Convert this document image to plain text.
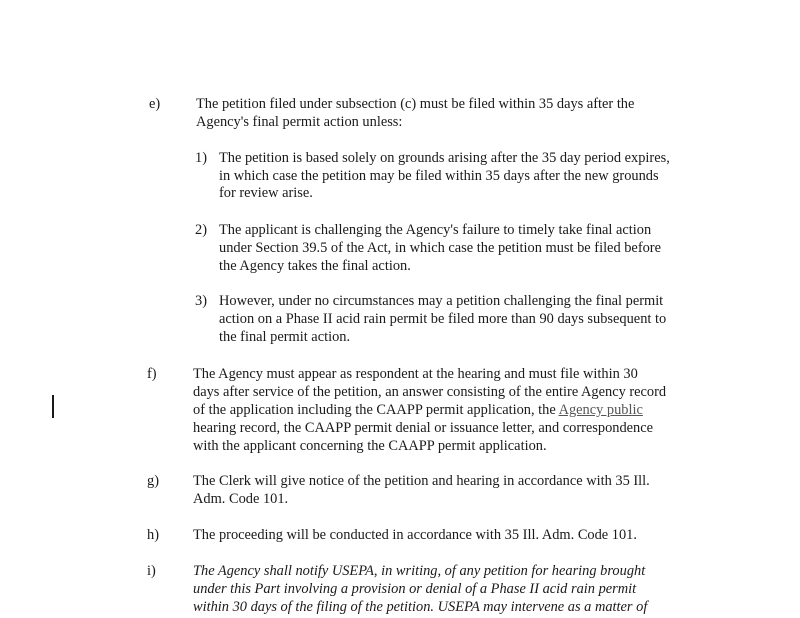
e) The petition filed under subsection (c) must be filed within 35 days after the
Agency's final permit action unless:
1) The petition is based solely on grounds arising after the 35 day period expires,
in which case the petition may be filed within 35 days after the new grounds
for review arise.
2) The applicant is challenging the Agency's failure to timely take final action
under Section 39.5 of the Act, in which case the petition must be filed before
the Agency takes the final action.
3) However, under no circumstances may a petition challenging the final permit
action on a Phase II acid rain permit be filed more than 90 days subsequent to
the final permit action.
f)	The Agency must appear as respondent at the hearing and must file within 30
days after service of the petition, an answer consisting of the entire Agency record
of the application including the CAAPP permit application, the Agency public
hearing record, the CAAPP permit denial or issuance letter, and correspondence
with the applicant concerning the CAAPP permit application.
g) The Clerk will give notice of the petition and hearing in accordance with 35 Ill.
Adm. Code 101.
h) The proceeding will be conducted in accordance with 35 Ill. Adm. Code 101.
i)	The Agency shall notify USEPA, in writing, of any petition for hearing brought
under this Part involving a provision or denial of a Phase II acid rain permit
within 30 days of the filing of the petition. USEPA may intervene as a matter of
